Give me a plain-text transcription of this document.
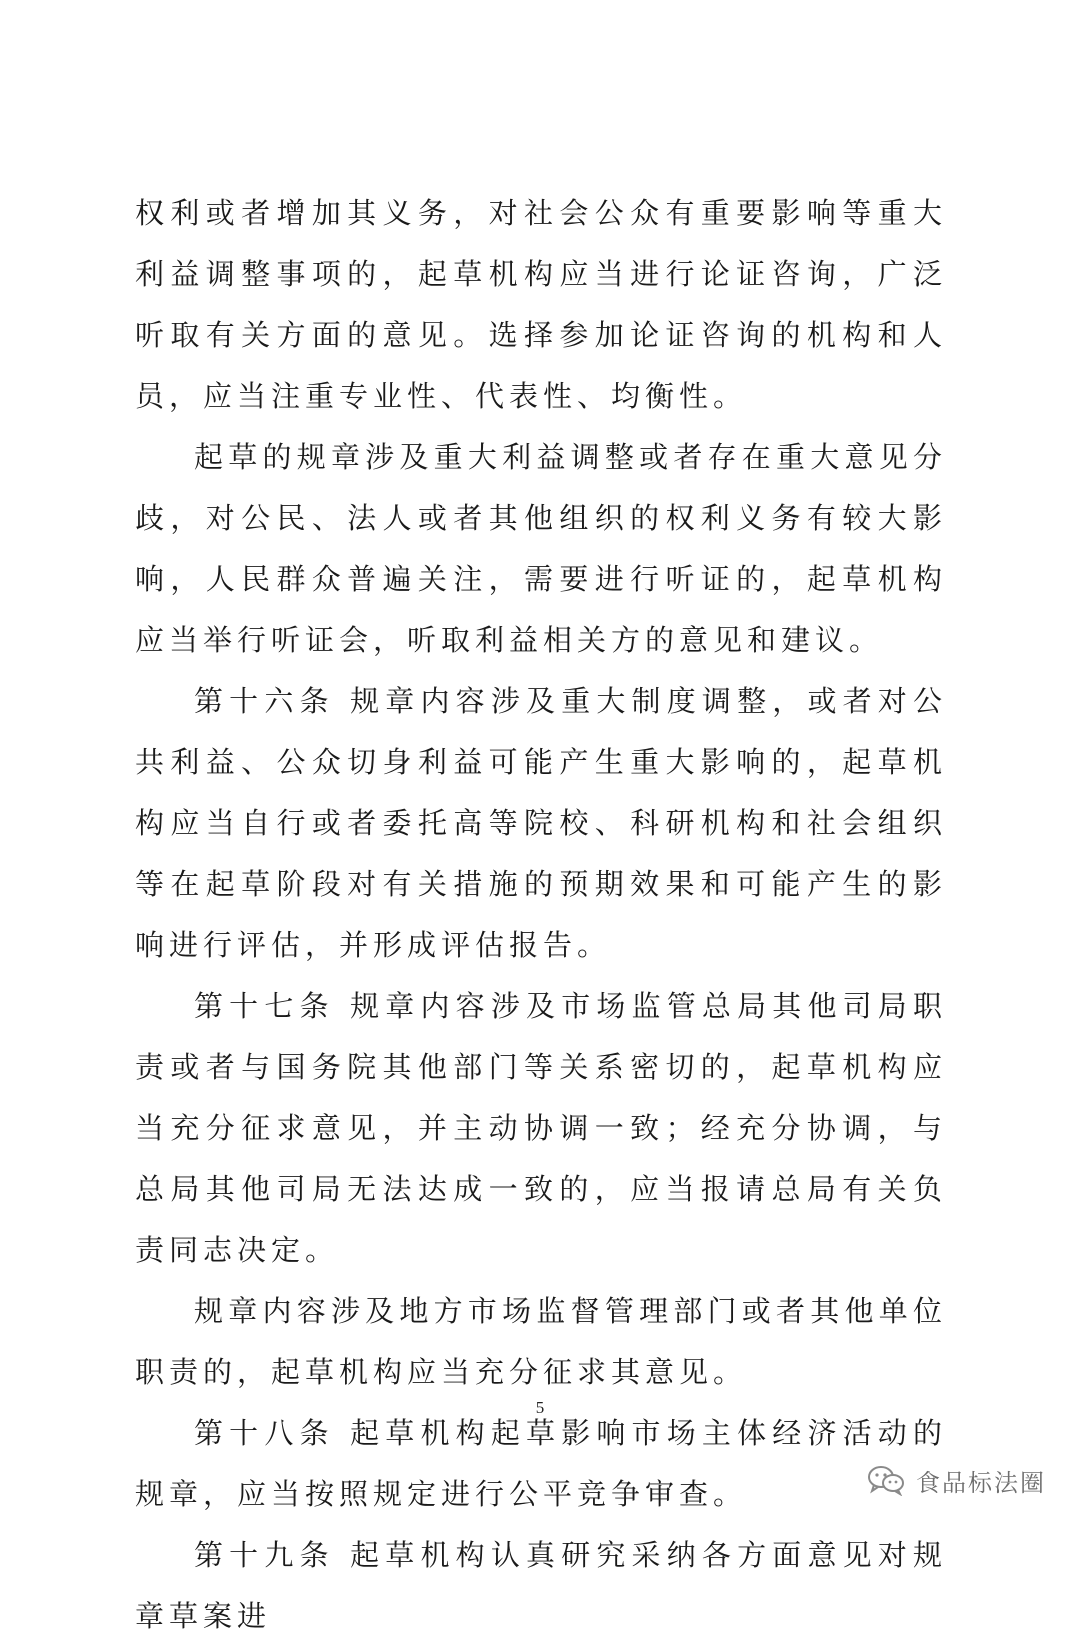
权利或者增加其义务，对社会公众有重要影响等重大利益调整事项的，起草机构应当进行论证咨询，广泛听取有关方面的意见。选择参加论证咨询的机构和人员，应当注重专业性、代表性、均衡性。

起草的规章涉及重大利益调整或者存在重大意见分歧，对公民、法人或者其他组织的权利义务有较大影响，人民群众普遍关注，需要进行听证的，起草机构应当举行听证会，听取利益相关方的意见和建议。

第十六条 规章内容涉及重大制度调整，或者对公共利益、公众切身利益可能产生重大影响的，起草机构应当自行或者委托高等院校、科研机构和社会组织等在起草阶段对有关措施的预期效果和可能产生的影响进行评估，并形成评估报告。

第十七条 规章内容涉及市场监管总局其他司局职责或者与国务院其他部门等关系密切的，起草机构应当充分征求意见，并主动协调一致；经充分协调，与总局其他司局无法达成一致的，应当报请总局有关负责同志决定。

规章内容涉及地方市场监督管理部门或者其他单位职责的，起草机构应当充分征求其意见。

第十八条 起草机构起草影响市场主体经济活动的规章，应当按照规定进行公平竞争审查。

第十九条 起草机构认真研究采纳各方面意见对规章草案进

5
食品标法圈
